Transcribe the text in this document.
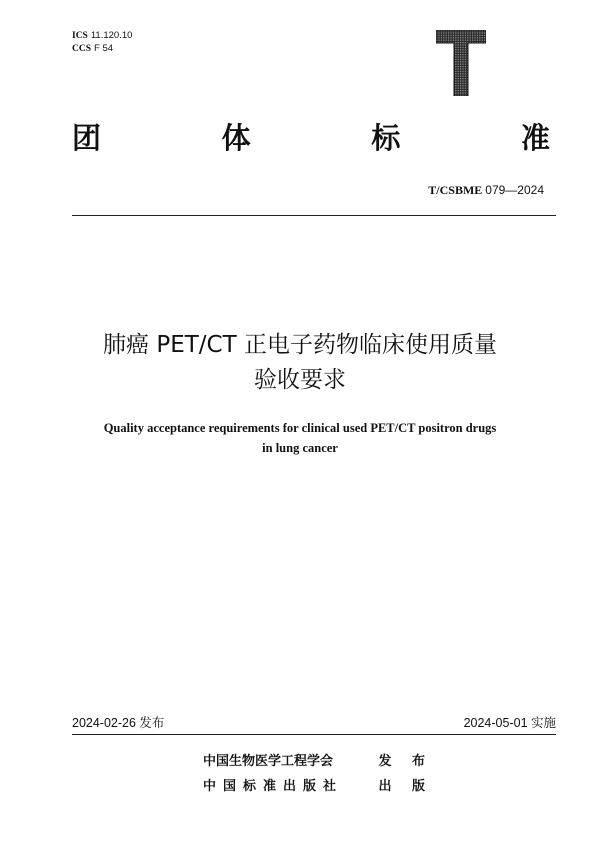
ICS 11.120.10
CCS F 54
团	体	标	准
T/CSBME 079—2024
肺癌 PET/CT 正电子药物临床使用质量
验收要求
Quality acceptance requirements for clinical used PET/CT positron drugs
in lung cancer
2024-02-26 发布	2024-05-01 实施
中国生物医学工程学会	发 布
中国标准出版社	出 版
